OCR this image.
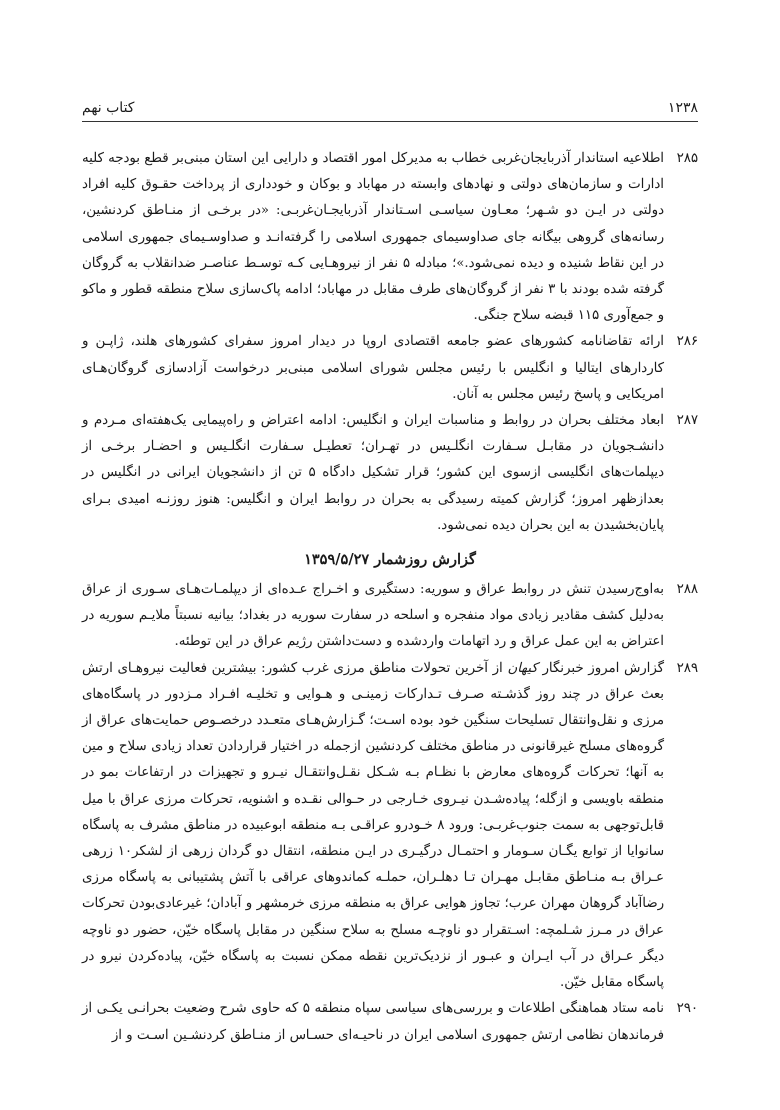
۱۲۳۸
کتاب نهم

۲۸۵
اطلاعیه استاندار آذربایجان‌غربی خطاب به مدیرکل امور اقتصاد و دارایی این استان مبنی‌بر قطع بودجه کلیه ادارات و سازمان‌های دولتی و نهادهای وابسته در مهاباد و بوکان و خودداری از پرداخت حقـوق کلیه افراد دولتی در ایـن دو شـهر؛ معـاون سیاسـی اسـتاندار آذربایجـان‌غربـی: «در برخـی از منـاطق کردنشین، رسانه‌های گروهی بیگانه جای صداوسیمای جمهوری اسلامی را گرفته‌انـد و صداوسـیمای جمهوری اسلامی در این نقاط شنیده و دیده نمی‌شود.»؛ مبادله ۵ نفر از نیروهـایی کـه توسـط عناصـر ضدانقلاب به گروگان گرفته شده بودند با ۳ نفر از گروگان‌های طرف مقابل در مهاباد؛ ادامه پاک‌سازی سلاح منطقه قطور و ماکو و جمع‌آوری ۱۱۵ قبضه سلاح جنگی.

۲۸۶
ارائه تقاضانامه کشورهای عضو جامعه اقتصادی اروپا در دیدار امروز سفرای کشورهای هلند، ژاپـن و کاردارهای ایتالیا و انگلیس با رئیس مجلس شورای اسلامی مبنی‌بر درخواست آزادسازی گروگان‌هـای امریکایی و پاسخ رئیس مجلس به آنان.

۲۸۷
ابعاد مختلف بحران در روابط و مناسبات ایران و انگلیس: ادامه اعتراض و راه‌پیمایی یک‌هفته‌ای مـردم و دانشـجویان در مقابـل سـفارت انگلـیس در تهـران؛ تعطیـل سـفارت انگلـیس و احضـار برخـی از دیپلمات‌های انگلیسی ازسوی این کشور؛ قرار تشکیل دادگاه ۵ تن از دانشجویان ایرانی در انگلیس در بعدازظهر امروز؛ گزارش کمیته رسیدگی به بحران در روابط ایران و انگلیس: هنوز روزنـه امیدی بـرای پایان‌بخشیدن به این بحران دیده نمی‌شود.

گزارش روزشمار ۱۳۵۹/۵/۲۷

۲۸۸
به‌اوج‌رسیدن تنش در روابط عراق و سوریه: دستگیری و اخـراج عـده‌ای از دیپلمـات‌هـای سـوری از عراق به‌دلیل کشف مقادیر زیادی مواد منفجره و اسلحه در سفارت سوریه در بغداد؛ بیانیه نسبتاً ملایـم سوریه در اعتراض به این عمل عراق و رد اتهامات واردشده و دست‌داشتن رژیم عراق در این توطئه.

۲۸۹
گزارش امروز خبرنگار کیهان از آخرین تحولات مناطق مرزی غرب کشور: بیشترین فعالیت نیروهـای ارتش بعث عراق در چند روز گذشـته صـرف تـدارکات زمینـی و هـوایی و تخلیـه افـراد مـزدور در پاسگاه‌های مرزی و نقل‌وانتقال تسلیحات سنگین خود بوده اسـت؛ گـزارش‌هـای متعـدد درخصـوص حمایت‌های عراق از گروه‌های مسلح غیرقانونی در مناطق مختلف کردنشین ازجمله در اختیار قراردادن تعداد زیادی سلاح و مین به آنها؛ تحرکات گروه‌های معارض با نظـام بـه شـکل نقـل‌وانتقـال نیـرو و تجهیزات در ارتفاعات بمو در منطقه باویسی و ازگله؛ پیاده‌شـدن نیـروی خـارجی در حـوالی نقـده و اشنویه، تحرکات مرزی عراق با میل قابل‌توجهی به سمت جنوب‌غربـی: ورود ۸ خـودرو عراقـی بـه منطقه ابوعبیده در مناطق مشرف به پاسگاه سانوایا از توابع یگـان سـومار و احتمـال درگیـری در ایـن منطقه، انتقال دو گردان زرهی از لشکر۱۰ زرهی عـراق بـه منـاطق مقابـل مهـران تـا دهلـران، حملـه کماندوهای عراقی با آتش پشتیبانی به پاسگاه مرزی رضاآباد گروهان مهران عرب؛ تجاوز هوایی عراق به منطقه مرزی خرمشهر و آبادان؛ غیرعادی‌بودن تحرکات عراق در مـرز شـلمچه: اسـتقرار دو ناوچـه مسلح به سلاح سنگین در مقابل پاسگاه خیّن، حضور دو ناوچه دیگر عـراق در آب ایـران و عبـور از نزدیک‌ترین نقطه ممکن نسبت به پاسگاه خیّن، پیاده‌کردن نیرو در پاسگاه مقابل خیّن.

۲۹۰
نامه ستاد هماهنگی اطلاعات و بررسی‌های سیاسی سپاه منطقه ۵ که حاوی شرح وضعیت بحرانـی یکـی از فرماندهان نظامی ارتش جمهوری اسلامی ایران در ناحیـه‌ای حسـاس از منـاطق کردنشـین اسـت و از
